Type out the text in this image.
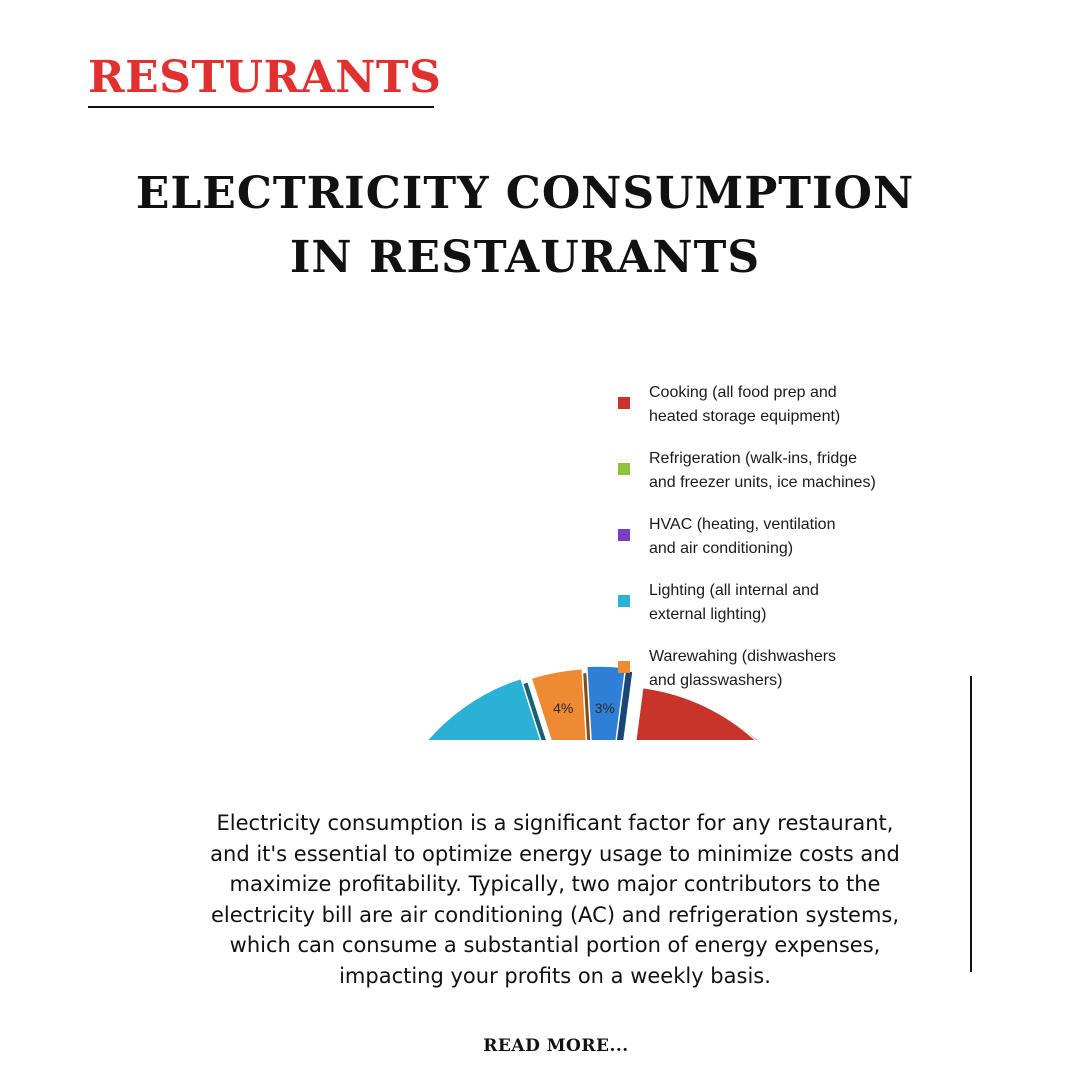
RESTURANTS
ELECTRICITY CONSUMPTION
IN RESTAURANTS
4% 3%
Cooking (all food prep and
heated storage equipment)
Refrigeration (walk-ins, fridge
and freezer units, ice machines)
HVAC (heating, ventilation
and air conditioning)
Lighting (all internal and
external lighting)
Warewahing (dishwashers
and glasswashers)
Electricity consumption is a significant factor for any restaurant,
and it's essential to optimize energy usage to minimize costs and
maximize profitability. Typically, two major contributors to the
electricity bill are air conditioning (AC) and refrigeration systems,
which can consume a substantial portion of energy expenses,
impacting your profits on a weekly basis.
READ MORE...
